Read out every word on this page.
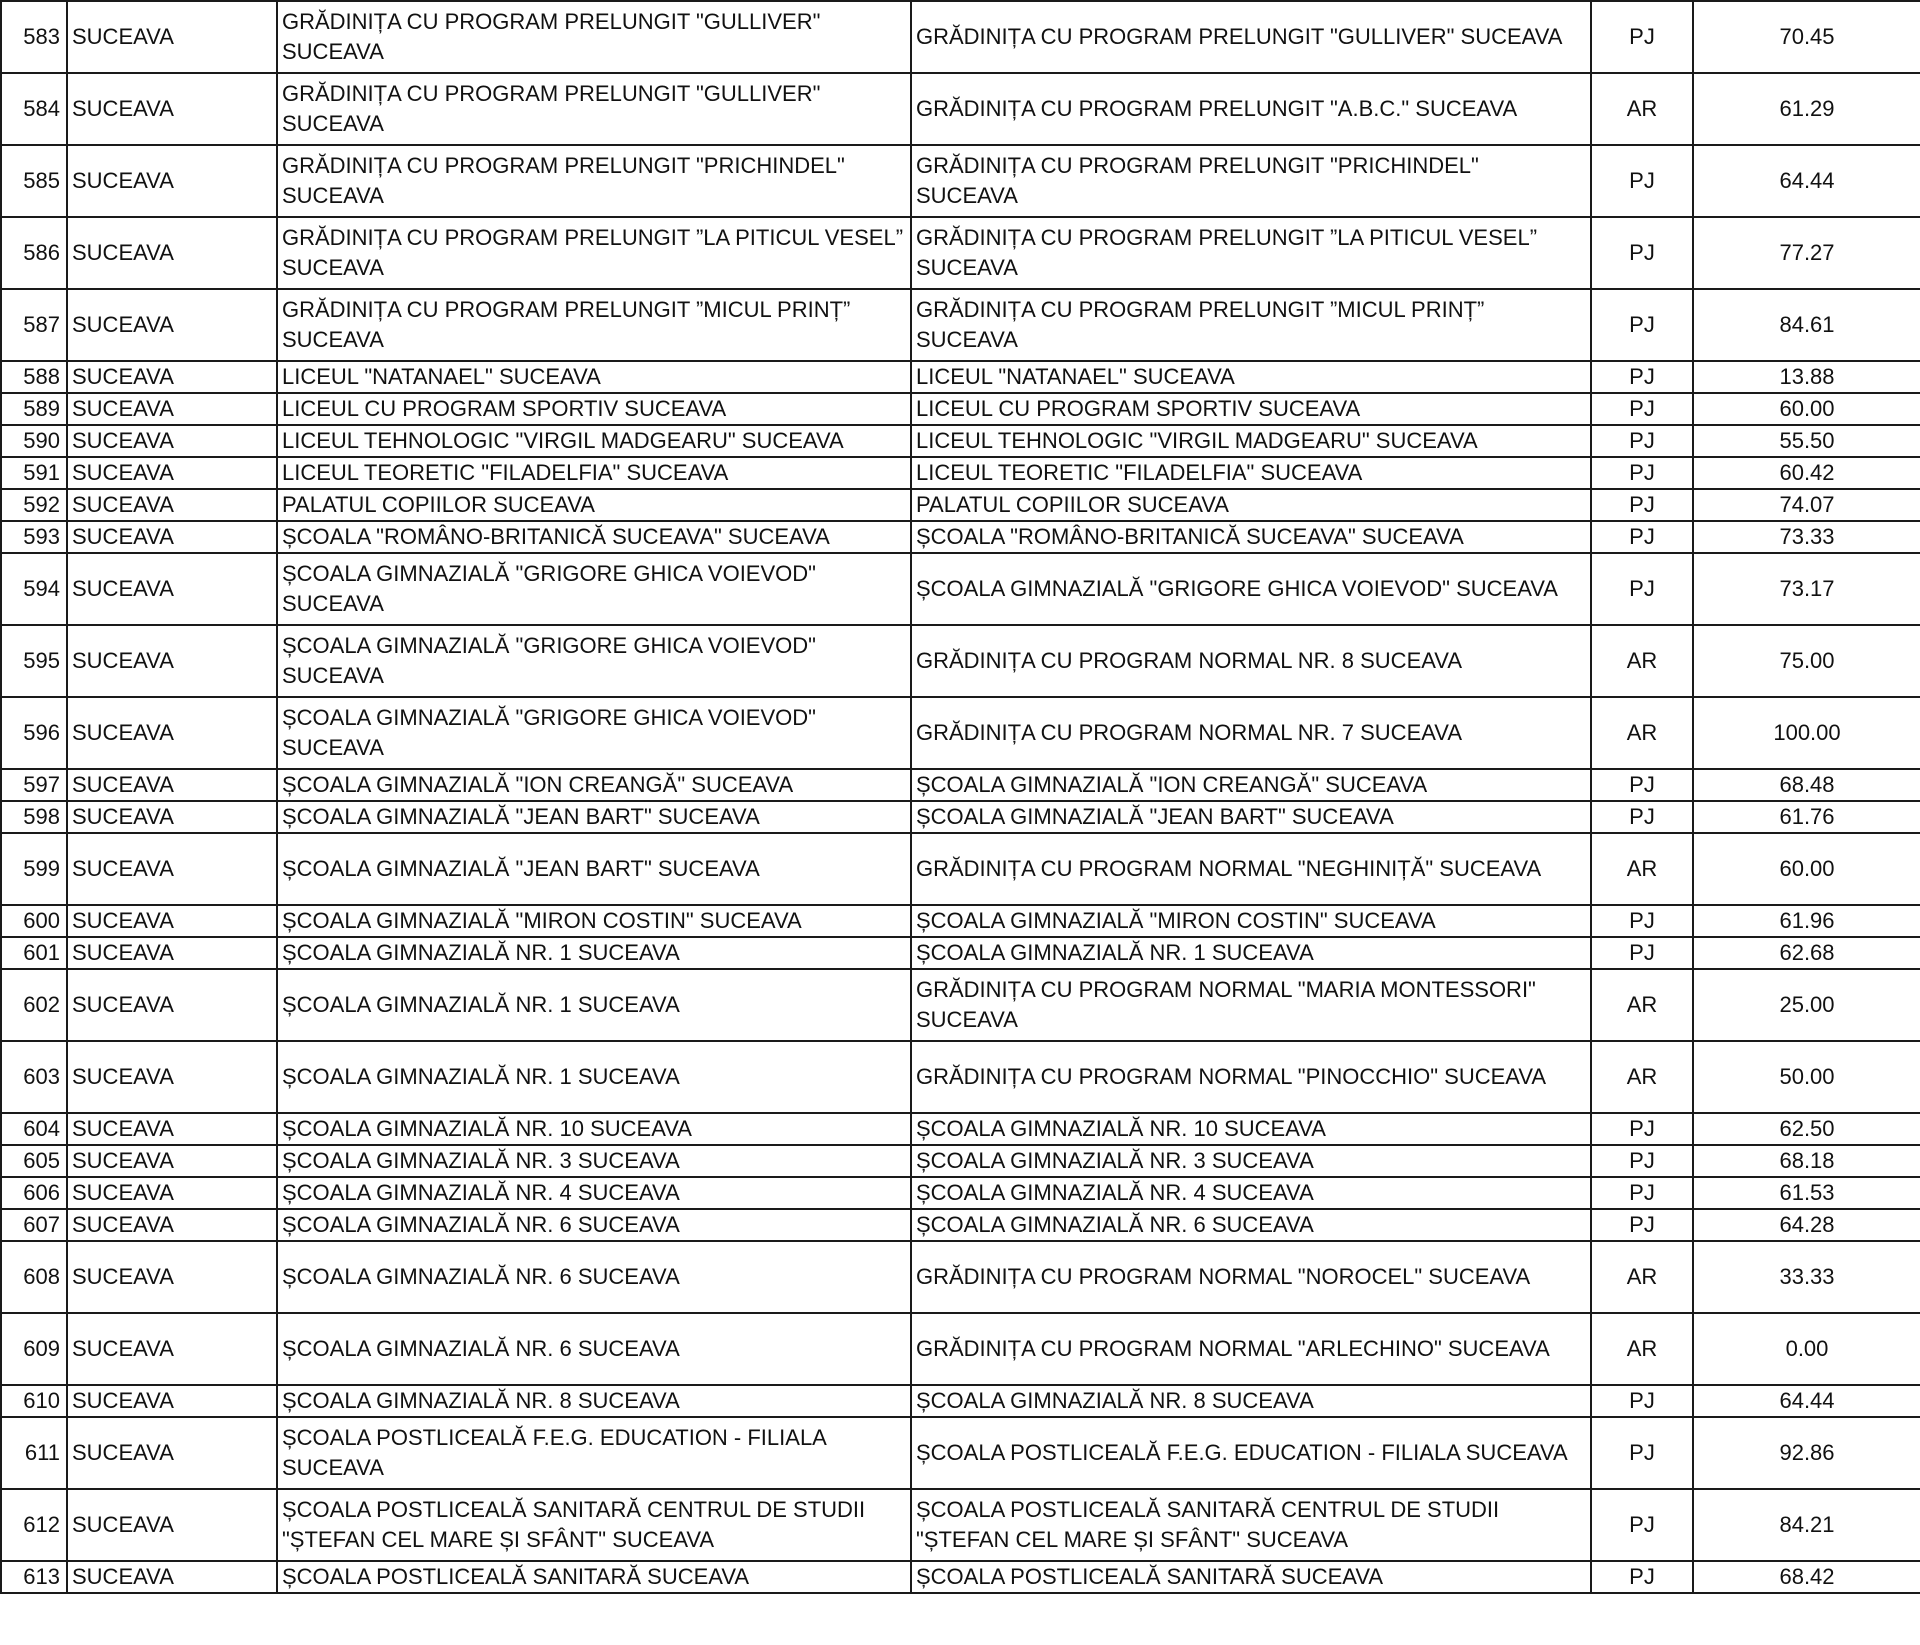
583	SUCEAVA	GRĂDINIȚA CU PROGRAM PRELUNGIT "GULLIVER" SUCEAVA	GRĂDINIȚA CU PROGRAM PRELUNGIT "GULLIVER" SUCEAVA	PJ	70.45
584	SUCEAVA	GRĂDINIȚA CU PROGRAM PRELUNGIT "GULLIVER" SUCEAVA	GRĂDINIȚA CU PROGRAM PRELUNGIT "A.B.C." SUCEAVA	AR	61.29
585	SUCEAVA	GRĂDINIȚA CU PROGRAM PRELUNGIT "PRICHINDEL" SUCEAVA	GRĂDINIȚA CU PROGRAM PRELUNGIT "PRICHINDEL" SUCEAVA	PJ	64.44
586	SUCEAVA	GRĂDINIȚA CU PROGRAM PRELUNGIT ”LA PITICUL VESEL” SUCEAVA	GRĂDINIȚA CU PROGRAM PRELUNGIT ”LA PITICUL VESEL” SUCEAVA	PJ	77.27
587	SUCEAVA	GRĂDINIȚA CU PROGRAM PRELUNGIT ”MICUL PRINȚ” SUCEAVA	GRĂDINIȚA CU PROGRAM PRELUNGIT ”MICUL PRINȚ” SUCEAVA	PJ	84.61
588	SUCEAVA	LICEUL "NATANAEL" SUCEAVA	LICEUL "NATANAEL" SUCEAVA	PJ	13.88
589	SUCEAVA	LICEUL CU PROGRAM SPORTIV SUCEAVA	LICEUL CU PROGRAM SPORTIV SUCEAVA	PJ	60.00
590	SUCEAVA	LICEUL TEHNOLOGIC "VIRGIL MADGEARU" SUCEAVA	LICEUL TEHNOLOGIC "VIRGIL MADGEARU" SUCEAVA	PJ	55.50
591	SUCEAVA	LICEUL TEORETIC "FILADELFIA" SUCEAVA	LICEUL TEORETIC "FILADELFIA" SUCEAVA	PJ	60.42
592	SUCEAVA	PALATUL COPIILOR SUCEAVA	PALATUL COPIILOR SUCEAVA	PJ	74.07
593	SUCEAVA	ȘCOALA "ROMÂNO-BRITANICĂ SUCEAVA" SUCEAVA	ȘCOALA "ROMÂNO-BRITANICĂ SUCEAVA" SUCEAVA	PJ	73.33
594	SUCEAVA	ȘCOALA GIMNAZIALĂ "GRIGORE GHICA VOIEVOD" SUCEAVA	ȘCOALA GIMNAZIALĂ "GRIGORE GHICA VOIEVOD" SUCEAVA	PJ	73.17
595	SUCEAVA	ȘCOALA GIMNAZIALĂ "GRIGORE GHICA VOIEVOD" SUCEAVA	GRĂDINIȚA CU PROGRAM NORMAL NR. 8 SUCEAVA	AR	75.00
596	SUCEAVA	ȘCOALA GIMNAZIALĂ "GRIGORE GHICA VOIEVOD" SUCEAVA	GRĂDINIȚA CU PROGRAM NORMAL NR. 7 SUCEAVA	AR	100.00
597	SUCEAVA	ȘCOALA GIMNAZIALĂ "ION CREANGĂ" SUCEAVA	ȘCOALA GIMNAZIALĂ "ION CREANGĂ" SUCEAVA	PJ	68.48
598	SUCEAVA	ȘCOALA GIMNAZIALĂ "JEAN BART" SUCEAVA	ȘCOALA GIMNAZIALĂ "JEAN BART" SUCEAVA	PJ	61.76
599	SUCEAVA	ȘCOALA GIMNAZIALĂ "JEAN BART" SUCEAVA	GRĂDINIȚA CU PROGRAM NORMAL "NEGHINIȚĂ" SUCEAVA	AR	60.00
600	SUCEAVA	ȘCOALA GIMNAZIALĂ "MIRON COSTIN" SUCEAVA	ȘCOALA GIMNAZIALĂ "MIRON COSTIN" SUCEAVA	PJ	61.96
601	SUCEAVA	ȘCOALA GIMNAZIALĂ NR. 1 SUCEAVA	ȘCOALA GIMNAZIALĂ NR. 1 SUCEAVA	PJ	62.68
602	SUCEAVA	ȘCOALA GIMNAZIALĂ NR. 1 SUCEAVA	GRĂDINIȚA CU PROGRAM NORMAL "MARIA MONTESSORI" SUCEAVA	AR	25.00
603	SUCEAVA	ȘCOALA GIMNAZIALĂ NR. 1 SUCEAVA	GRĂDINIȚA CU PROGRAM NORMAL "PINOCCHIO" SUCEAVA	AR	50.00
604	SUCEAVA	ȘCOALA GIMNAZIALĂ NR. 10 SUCEAVA	ȘCOALA GIMNAZIALĂ NR. 10 SUCEAVA	PJ	62.50
605	SUCEAVA	ȘCOALA GIMNAZIALĂ NR. 3 SUCEAVA	ȘCOALA GIMNAZIALĂ NR. 3 SUCEAVA	PJ	68.18
606	SUCEAVA	ȘCOALA GIMNAZIALĂ NR. 4 SUCEAVA	ȘCOALA GIMNAZIALĂ NR. 4 SUCEAVA	PJ	61.53
607	SUCEAVA	ȘCOALA GIMNAZIALĂ NR. 6 SUCEAVA	ȘCOALA GIMNAZIALĂ NR. 6 SUCEAVA	PJ	64.28
608	SUCEAVA	ȘCOALA GIMNAZIALĂ NR. 6 SUCEAVA	GRĂDINIȚA CU PROGRAM NORMAL "NOROCEL" SUCEAVA	AR	33.33
609	SUCEAVA	ȘCOALA GIMNAZIALĂ NR. 6 SUCEAVA	GRĂDINIȚA CU PROGRAM NORMAL "ARLECHINO" SUCEAVA	AR	0.00
610	SUCEAVA	ȘCOALA GIMNAZIALĂ NR. 8 SUCEAVA	ȘCOALA GIMNAZIALĂ NR. 8 SUCEAVA	PJ	64.44
611	SUCEAVA	ȘCOALA POSTLICEALĂ F.E.G. EDUCATION - FILIALA SUCEAVA	ȘCOALA POSTLICEALĂ F.E.G. EDUCATION - FILIALA SUCEAVA	PJ	92.86
612	SUCEAVA	ȘCOALA POSTLICEALĂ SANITARĂ CENTRUL DE STUDII "ȘTEFAN CEL MARE ȘI SFÂNT" SUCEAVA	ȘCOALA POSTLICEALĂ SANITARĂ CENTRUL DE STUDII "ȘTEFAN CEL MARE ȘI SFÂNT" SUCEAVA	PJ	84.21
613	SUCEAVA	ȘCOALA POSTLICEALĂ SANITARĂ SUCEAVA	ȘCOALA POSTLICEALĂ SANITARĂ SUCEAVA	PJ	68.42
